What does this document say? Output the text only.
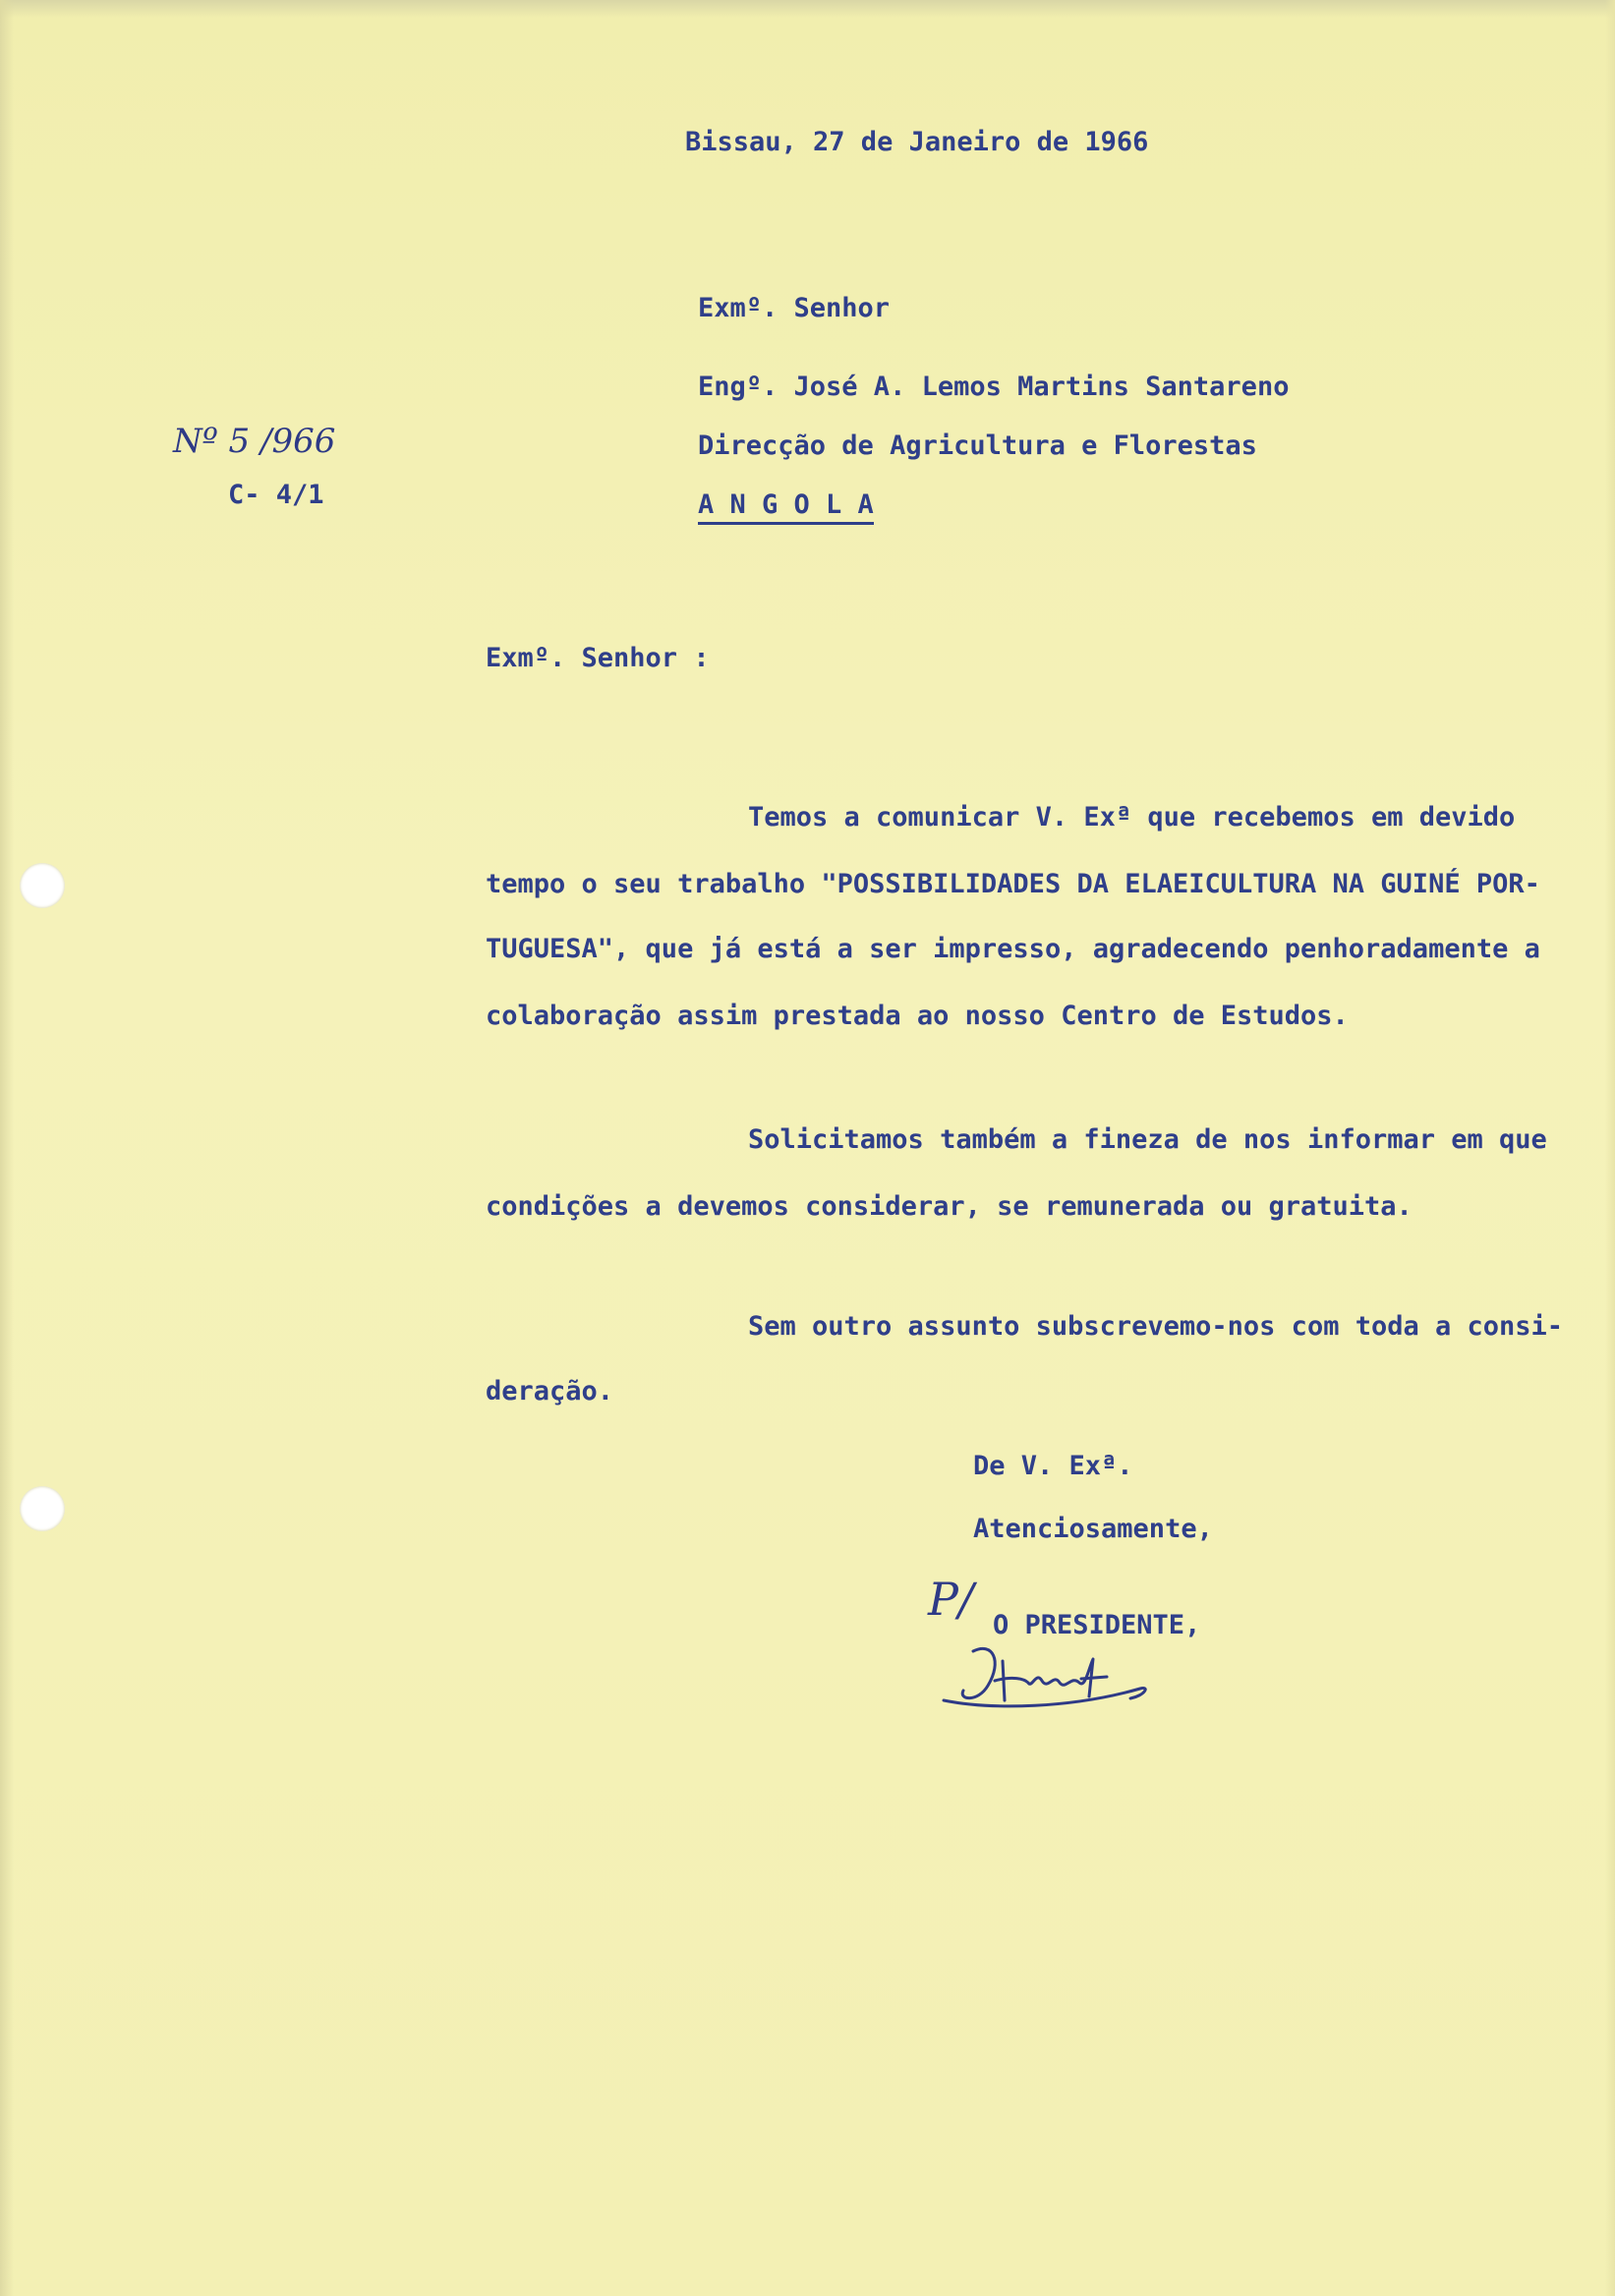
Bissau, 27 de Janeiro de 1966
Exmº. Senhor
Engº. José A. Lemos Martins Santareno
Direcção de Agricultura e Florestas
A N G O L A
Nº 5 /966
C- 4/1
Exmº. Senhor :
Temos a comunicar V. Exª que recebemos em devido
tempo o seu trabalho "POSSIBILIDADES DA ELAEICULTURA NA GUINÉ POR-
TUGUESA", que já está a ser impresso, agradecendo penhoradamente a
colaboração assim prestada ao nosso Centro de Estudos.
Solicitamos também a fineza de nos informar em que
condições a devemos considerar, se remunerada ou gratuita.
Sem outro assunto subscrevemo-nos com toda a consi-
deração.
De V. Exª.
Atenciosamente,
P/ O PRESIDENTE,
